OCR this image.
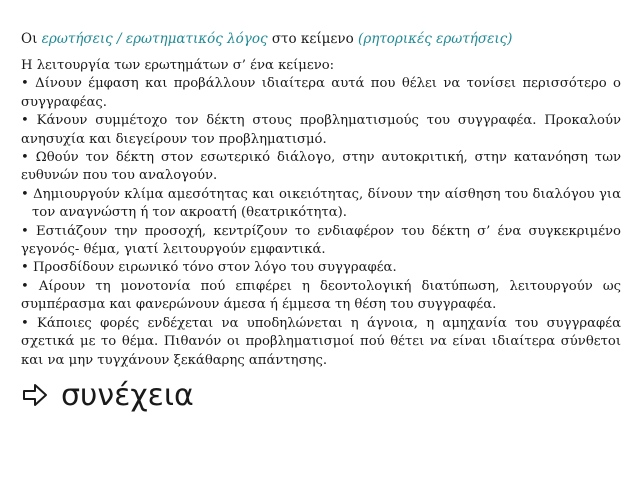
Οι ερωτήσεις / ερωτηματικός λόγος στο κείμενο (ρητορικές ερωτήσεις)

Η λειτουργία των ερωτημάτων σ’ ένα κείμενο:

• Δίνουν έμφαση και προβάλλουν ιδιαίτερα αυτά που θέλει να τονίσει περισσότερο ο συγγραφέας.

• Κάνουν συμμέτοχο τον δέκτη στους προβληματισμούς του συγγραφέα. Προκαλούν ανησυχία και διεγείρουν τον προβληματισμό.

• Ωθούν τον δέκτη στον εσωτερικό διάλογο, στην αυτοκριτική, στην κατανόηση των ευθυνών που του αναλογούν.

• Δημιουργούν κλίμα αμεσότητας και οικειότητας, δίνουν την αίσθηση του διαλόγου για τον αναγνώστη ή τον ακροατή (θεατρικότητα).

• Εστιάζουν την προσοχή, κεντρίζουν το ενδιαφέρον του δέκτη σ’ ένα συγκεκριμένο γεγονός- θέμα, γιατί λειτουργούν εμφαντικά.

• Προσδίδουν ειρωνικό τόνο στον λόγο του συγγραφέα.

• Αίρουν τη μονοτονία πού επιφέρει η δεοντολογική διατύπωση, λειτουργούν ως συμπέρασμα και φανερώνουν άμεσα ή έμμεσα τη θέση του συγγραφέα.

• Κάποιες φορές ενδέχεται να υποδηλώνεται η άγνοια, η αμηχανία του συγγραφέα σχετικά με το θέμα. Πιθανόν οι προβληματισμοί πού θέτει να είναι ιδιαίτερα σύνθετοι και να μην τυγχάνουν ξεκάθαρης απάντησης.

συνέχεια
